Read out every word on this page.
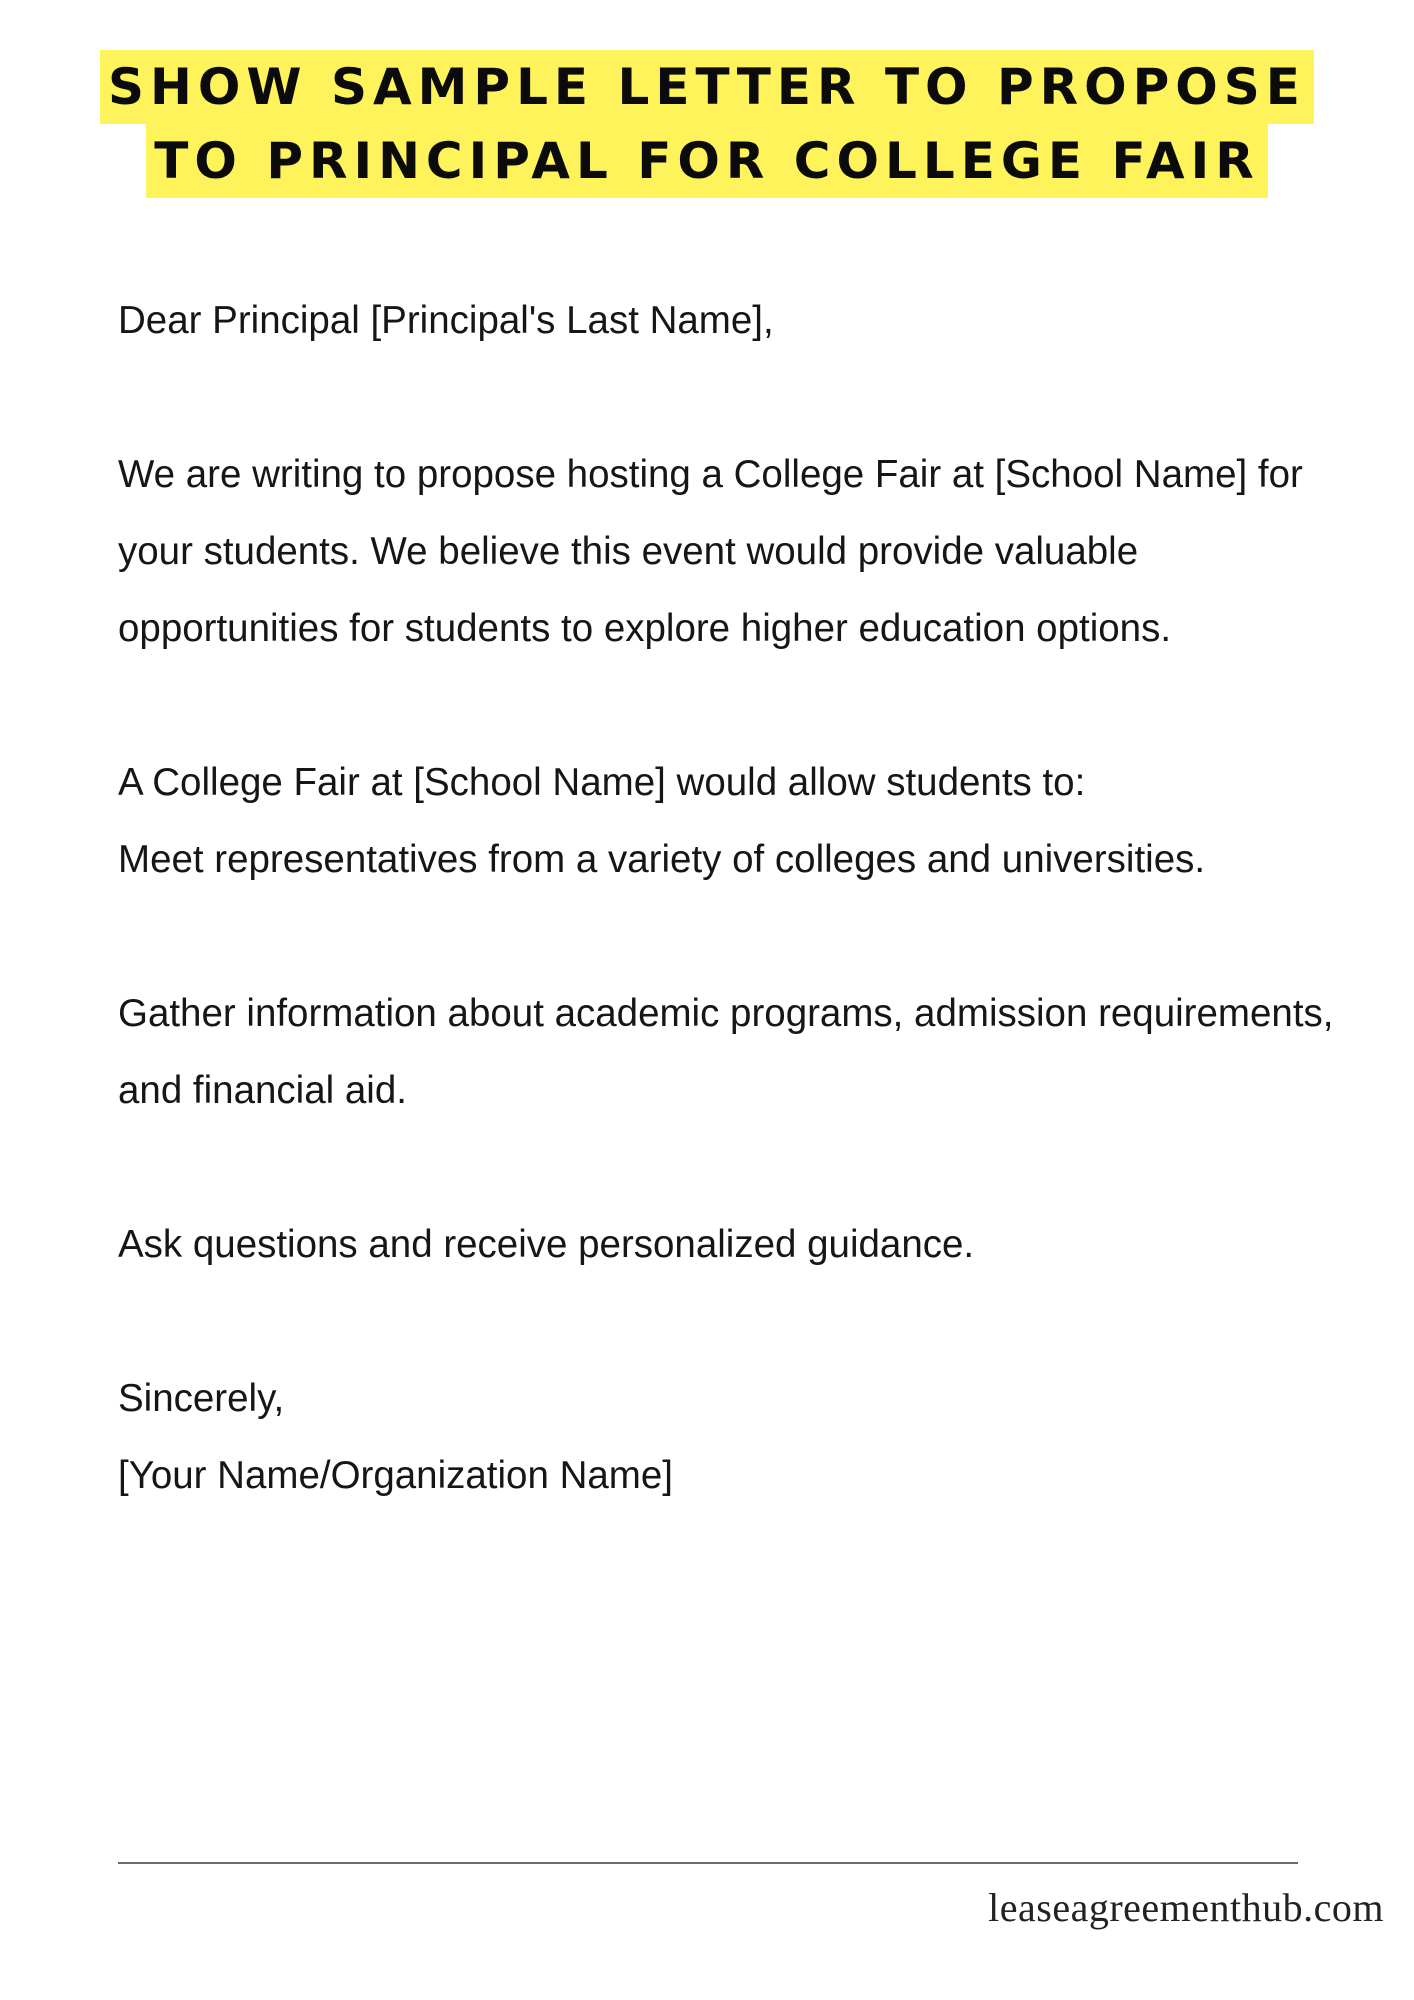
SHOW SAMPLE LETTER TO PROPOSE
TO PRINCIPAL FOR COLLEGE FAIR

Dear Principal [Principal's Last Name],

We are writing to propose hosting a College Fair at [School Name] for your students. We believe this event would provide valuable opportunities for students to explore higher education options.

A College Fair at [School Name] would allow students to:

Meet representatives from a variety of colleges and universities.

Gather information about academic programs, admission requirements, and financial aid.

Ask questions and receive personalized guidance.

Sincerely,

[Your Name/Organization Name]

leaseagreementhub.com
